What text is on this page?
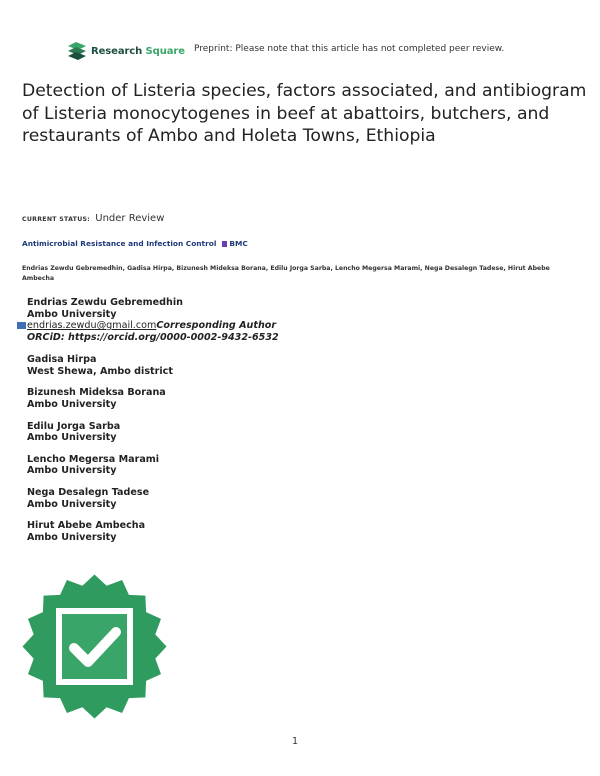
Research Square Preprint: Please note that this article has not completed peer review.
Detection of Listeria species, factors associated, and antibiogram of Listeria monocytogenes in beef at abattoirs, butchers, and restaurants of Ambo and Holeta Towns, Ethiopia
CURRENT STATUS: Under Review
Antimicrobial Resistance and Infection Control BMC
Endrias Zewdu Gebremedhin, Gadisa Hirpa, Bizunesh Mideksa Borana, Edilu Jorga Sarba, Lencho Megersa Marami, Nega Desalegn Tadese, Hirut Abebe Ambecha
Endrias Zewdu Gebremedhin
Ambo University
endrias.zewdu@gmail.com Corresponding Author
ORCiD: https://orcid.org/0000-0002-9432-6532
Gadisa Hirpa
West Shewa, Ambo district
Bizunesh Mideksa Borana
Ambo University
Edilu Jorga Sarba
Ambo University
Lencho Megersa Marami
Ambo University
Nega Desalegn Tadese
Ambo University
Hirut Abebe Ambecha
Ambo University
1
